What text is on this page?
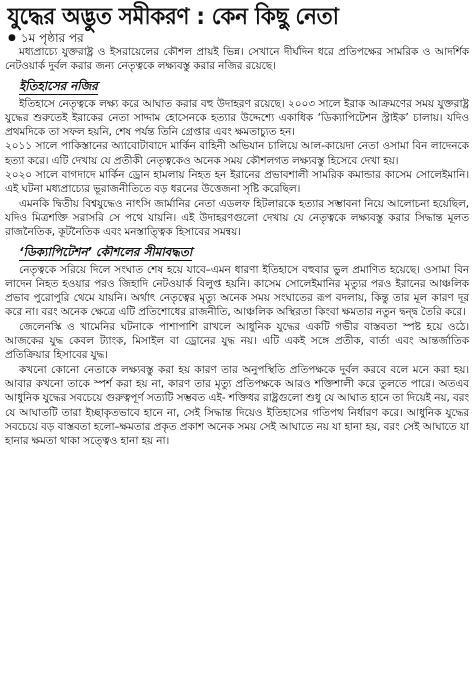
যুদ্ধের অদ্ভুত সমীকরণ : কেন কিছু নেতা
● ১ম পৃষ্ঠার পর

মধ্যপ্রাচ্যে যুক্তরাষ্ট্র ও ইসরায়েলের কৌশল প্রায়ই ভিন্ন। সেখানে দীর্ঘদিন ধরে প্রতিপক্ষের সামরিক ও আদর্শিক নেটওয়ার্ক দুর্বল করার জন্য নেতৃত্বকে লক্ষ্যবস্তু করার নজির রয়েছে।

ইতিহাসের নজির

ইতিহাসে নেতৃত্বকে লক্ষ্য করে আঘাত করার বহু উদাহরণ রয়েছে। ২০০৩ সালে ইরাক আক্রমণের সময় যুক্তরাষ্ট্র যুদ্ধের শুরুতেই ইরাকের নেতা সাদ্দাম হোসেনকে হত্যার উদ্দেশ্যে একাধিক ‘ডিক্যাপিটেশন স্ট্রাইক’ চালায়। যদিও প্রথমদিকে তা সফল হয়নি, শেষ পর্যন্ত তিনি গ্রেপ্তার এবং ক্ষমতাচ্যুত হন।

২০১১ সালে পাকিস্তানের অ্যাবোটাবাদে মার্কিন বাহিনী অভিযান চালিয়ে আল-কায়েদা নেতা ওসামা বিন লাদেনকে হত্যা করে। এটি দেখায় যে প্রতীকী নেতৃত্বকেও অনেক সময় কৌশলগত লক্ষ্যবস্তু হিসেবে দেখা হয়।

২০২০ সালে বাগদাদে মার্কিন ড্রোন হামলায় নিহত হন ইরানের প্রভাবশালী সামরিক কমান্ডার কাসেম সোলেইমানি। এই ঘটনা মধ্যপ্রাচ্যের ভূরাজনীতিতে বড় ধরনের উত্তেজনা সৃষ্টি করেছিল।

এমনকি দ্বিতীয় বিশ্বযুদ্ধেও নাৎসি জার্মানির নেতা এডলফ হিটলারকে হত্যার সম্ভাবনা নিয়ে আলোচনা হয়েছিল, যদিও মিত্রশক্তি সরাসরি সে পথে যায়নি। এই উদাহরণগুলো দেখায় যে নেতৃত্বকে লক্ষ্যবস্তু করার সিদ্ধান্ত মূলত রাজনৈতিক, কূটনৈতিক এবং মনস্তাত্ত্বিক হিসাবের সমন্বয়।

‘ডিক্যাপিটেশন’ কৌশলের সীমাবদ্ধতা

নেতৃত্বকে সরিয়ে দিলে সংঘাত শেষ হয়ে যাবে–এমন ধারণা ইতিহাসে বহুবার ভুল প্রমাণিত হয়েছে। ওসামা বিন লাদেন নিহত হওয়ার পরও জিহাদি নেটওয়ার্ক বিলুপ্ত হয়নি। কাসেম সোলেইমানির মৃত্যুর পরও ইরানের আঞ্চলিক প্রভাব পুরোপুরি থেমে যায়নি। অর্থাৎ নেতৃত্বের মৃত্যু অনেক সময় সংঘাতের রূপ বদলায়, কিন্তু তার মূল কারণ দূর করে না। বরং অনেক ক্ষেত্রে এটি প্রতিশোধের রাজনীতি, আঞ্চলিক অস্থিরতা কিংবা ক্ষমতার নতুন দ্বন্দ্ব তৈরি করে।

জেলেনস্কি ও খামেনির ঘটনাকে পাশাপাশি রাখলে আধুনিক যুদ্ধের একটি গভীর বাস্তবতা স্পষ্ট হয়ে ওঠে। আজকের যুদ্ধ কেবল ট্যাংক, মিসাইল বা ড্রোনের যুদ্ধ নয়। এটি একই সঙ্গে প্রতীক, বার্তা এবং আন্তর্জাতিক প্রতিক্রিয়ার হিসাবের যুদ্ধ।

কখনো কোনো নেতাকে লক্ষ্যবস্তু করা হয় কারণ তার অনুপস্থিতি প্রতিপক্ষকে দুর্বল করবে বলে মনে করা হয়। আবার কখনো তাকে স্পর্শ করা হয় না, কারণ তার মৃত্যু প্রতিপক্ষকে আরও শক্তিশালী করে তুলতে পারে। অতএব আধুনিক যুদ্ধের সবচেয়ে গুরুত্বপূর্ণ সত্যটি সম্ভবত এই- শক্তিধর রাষ্ট্রগুলো শুধু যে আঘাত হানে তা দিয়েই নয়, বরং যে আঘাতটি তারা ইচ্ছাকৃতভাবে হানে না, সেই সিদ্ধান্ত দিয়েও ইতিহাসের গতিপথ নির্ধারণ করে। আধুনিক যুদ্ধের সবচেয়ে বড় বাস্তবতা হলো–ক্ষমতার প্রকৃত প্রকাশ অনেক সময় সেই আঘাতে নয় যা হানা হয়, বরং সেই আঘাতে যা হানার ক্ষমতা থাকা সত্ত্বেও হানা হয় না।
